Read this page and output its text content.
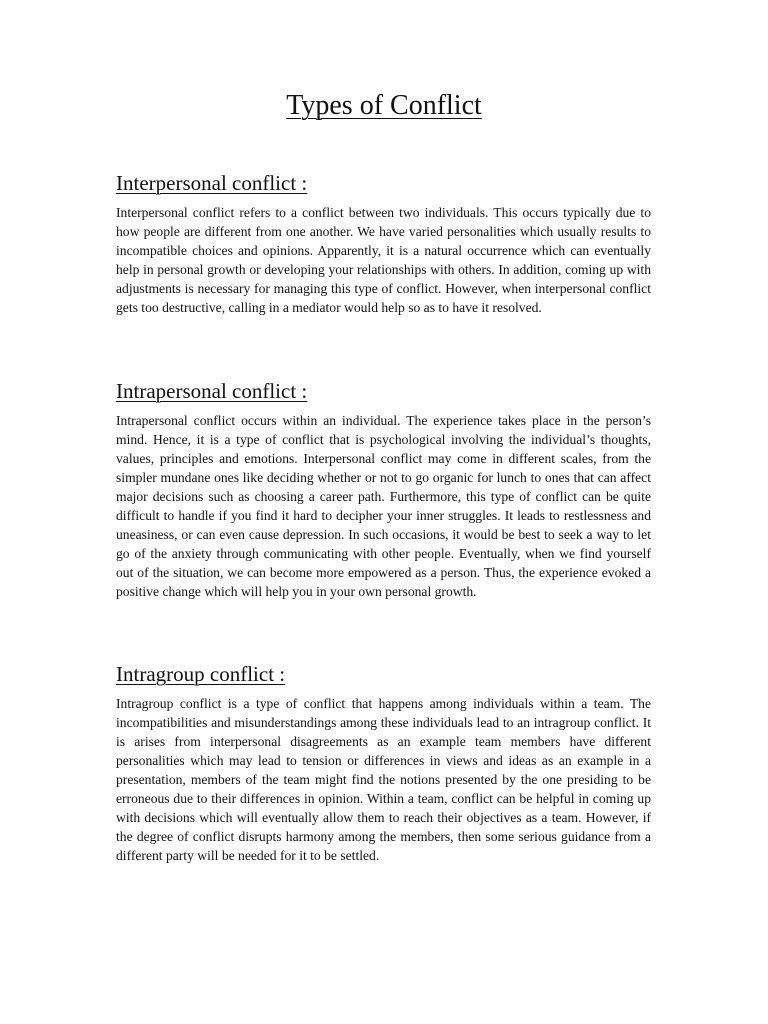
Types of Conflict
Interpersonal conflict :

Interpersonal conflict refers to a conflict between two individuals. This occurs typically due to how people are different from one another. We have varied personalities which usually results to incompatible choices and opinions. Apparently, it is a natural occurrence which can eventually help in personal growth or developing your relationships with others. In addition, coming up with adjustments is necessary for managing this type of conflict. However, when interpersonal conflict gets too destructive, calling in a mediator would help so as to have it resolved.

Intrapersonal conflict :

Intrapersonal conflict occurs within an individual. The experience takes place in the person’s mind. Hence, it is a type of conflict that is psychological involving the individual’s thoughts, values, principles and emotions. Interpersonal conflict may come in different scales, from the simpler mundane ones like deciding whether or not to go organic for lunch to ones that can affect major decisions such as choosing a career path. Furthermore, this type of conflict can be quite difficult to handle if you find it hard to decipher your inner struggles. It leads to restlessness and uneasiness, or can even cause depression. In such occasions, it would be best to seek a way to let go of the anxiety through communicating with other people. Eventually, when we find yourself out of the situation, we can become more empowered as a person. Thus, the experience evoked a positive change which will help you in your own personal growth.

Intragroup conflict :

Intragroup conflict is a type of conflict that happens among individuals within a team. The incompatibilities and misunderstandings among these individuals lead to an intragroup conflict. It is arises from interpersonal disagreements as an example team members have different personalities which may lead to tension or differences in views and ideas as an example in a presentation, members of the team might find the notions presented by the one presiding to be erroneous due to their differences in opinion. Within a team, conflict can be helpful in coming up with decisions which will eventually allow them to reach their objectives as a team. However, if the degree of conflict disrupts harmony among the members, then some serious guidance from a different party will be needed for it to be settled.
